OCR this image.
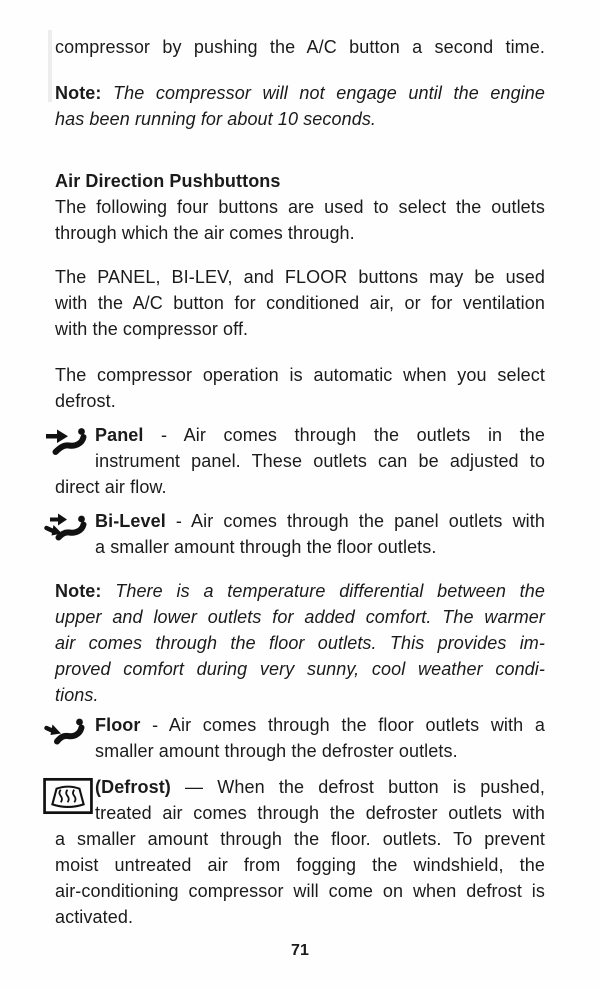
compressor by pushing the A/C button a second time.
Note: The compressor will not engage until the engine
has been running for about 10 seconds.
Air Direction Pushbuttons
The following four buttons are used to select the outlets
through which the air comes through.
The PANEL, BI-LEV, and FLOOR buttons may be used
with the A/C button for conditioned air, or for ventilation
with the compressor off.
The compressor operation is automatic when you select
defrost.
Panel - Air comes through the outlets in the
instrument panel. These outlets can be adjusted to
direct air flow.
Bi-Level - Air comes through the panel outlets with
a smaller amount through the floor outlets.
Note: There is a temperature differential between the
upper and lower outlets for added comfort. The warmer
air comes through the floor outlets. This provides im-
proved comfort during very sunny, cool weather condi-
tions.
Floor - Air comes through the floor outlets with a
smaller amount through the defroster outlets.
(Defrost) — When the defrost button is pushed,
treated air comes through the defroster outlets with
a smaller amount through the floor. outlets. To prevent
moist untreated air from fogging the windshield, the
air-conditioning compressor will come on when defrost is
activated.
71
